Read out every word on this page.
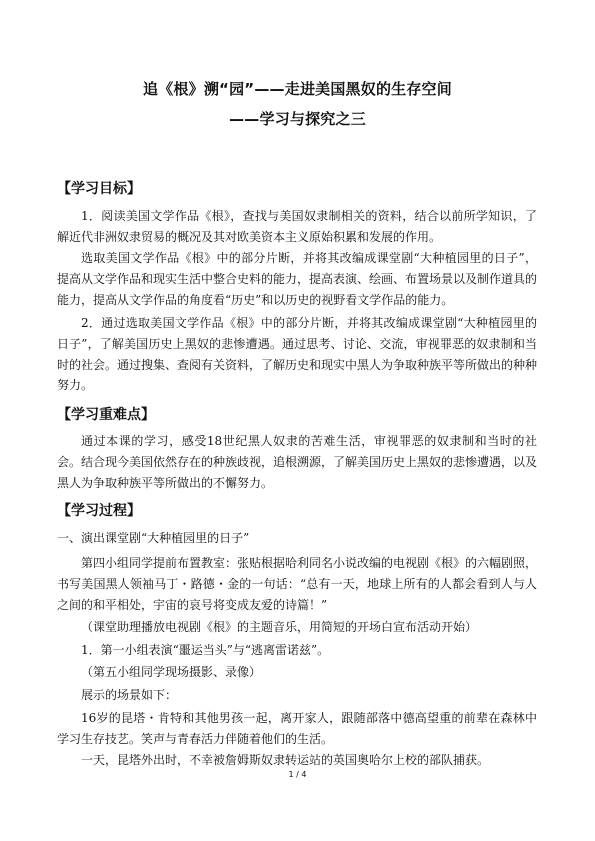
追《根》溯“园”——走进美国黑奴的生存空间
——学习与探究之三
【学习目标】
1．阅读美国文学作品《根》，查找与美国奴隶制相关的资料，结合以前所学知识，了解近代非洲奴隶贸易的概况及其对欧美资本主义原始积累和发展的作用。
选取美国文学作品《根》中的部分片断，并将其改编成课堂剧“大种植园里的日子”，提高从文学作品和现实生活中整合史料的能力，提高表演、绘画、布置场景以及制作道具的能力，提高从文学作品的角度看“历史”和以历史的视野看文学作品的能力。
2．通过选取美国文学作品《根》中的部分片断，并将其改编成课堂剧“大种植园里的日子”，了解美国历史上黑奴的悲惨遭遇。通过思考、讨论、交流，审视罪恶的奴隶制和当时的社会。通过搜集、查阅有关资料，了解历史和现实中黑人为争取种族平等所做出的种种努力。
【学习重难点】
通过本课的学习，感受18世纪黑人奴隶的苦难生活，审视罪恶的奴隶制和当时的社会。结合现今美国依然存在的种族歧视，追根溯源，了解美国历史上黑奴的悲惨遭遇，以及黑人为争取种族平等所做出的不懈努力。
【学习过程】
一、演出课堂剧“大种植园里的日子”
第四小组同学提前布置教室：张贴根据哈利同名小说改编的电视剧《根》的六幅剧照，书写美国黑人领袖马丁・路德・金的一句话：“总有一天，地球上所有的人都会看到人与人之间的和平相处，宇宙的哀号将变成友爱的诗篇！”
（课堂助理播放电视剧《根》的主题音乐，用简短的开场白宣布活动开始）
1．第一小组表演“噩运当头”与“逃离雷诺兹”。
（第五小组同学现场摄影、录像）
展示的场景如下：
16岁的昆塔・肯特和其他男孩一起，离开家人，跟随部落中德高望重的前辈在森林中学习生存技艺。笑声与青春活力伴随着他们的生活。
一天，昆塔外出时，不幸被詹姆斯奴隶转运站的英国奥哈尔上校的部队捕获。
1 / 4
